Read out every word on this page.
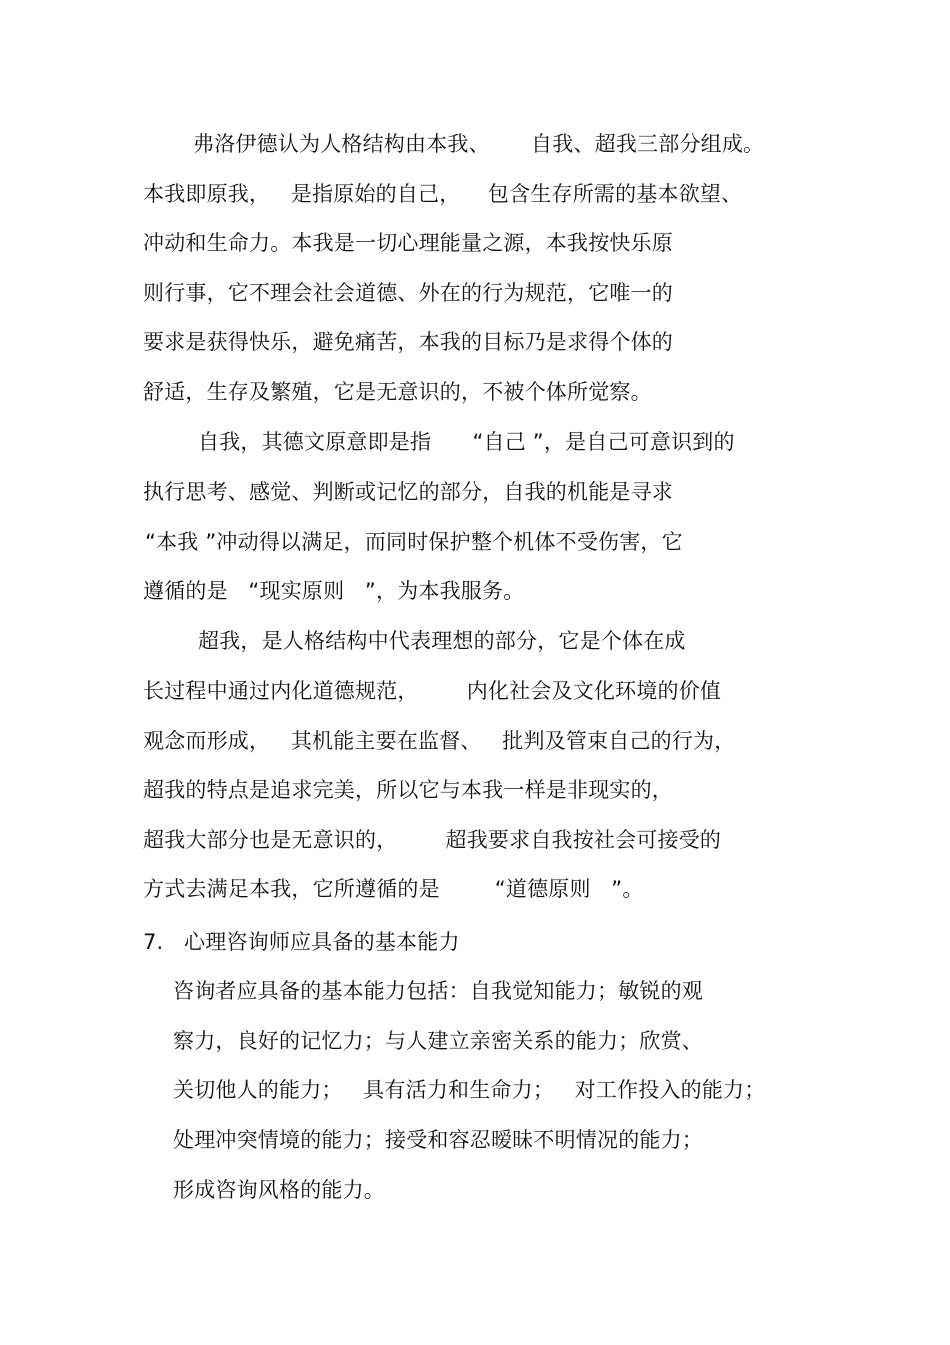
弗洛伊德认为人格结构由本我、      自我、超我三部分组成。
本我即原我，   是指原始的自己，    包含生存所需的基本欲望、
冲动和生命力。本我是一切心理能量之源，本我按快乐原
则行事，它不理会社会道德、外在的行为规范，它唯一的
要求是获得快乐，避免痛苦，本我的目标乃是求得个体的
舒适，生存及繁殖，它是无意识的，不被个体所觉察。
自我，其德文原意即是指      “自己 ”，是自己可意识到的
执行思考、感觉、判断或记忆的部分，自我的机能是寻求
“本我 ”冲动得以满足，而同时保护整个机体不受伤害，它
遵循的是   “现实原则   ”，为本我服务。
超我，是人格结构中代表理想的部分，它是个体在成
长过程中通过内化道德规范，       内化社会及文化环境的价值
观念而形成，   其机能主要在监督、   批判及管束自己的行为，
超我的特点是追求完美，所以它与本我一样是非现实的，
超我大部分也是无意识的，       超我要求自我按社会可接受的
方式去满足本我，它所遵循的是        “道德原则   ”。
7.   心理咨询师应具备的基本能力
咨询者应具备的基本能力包括：自我觉知能力；敏锐的观
察力，良好的记忆力；与人建立亲密关系的能力；欣赏、
关切他人的能力；   具有活力和生命力；   对工作投入的能力；
处理冲突情境的能力；接受和容忍暧昧不明情况的能力；
形成咨询风格的能力。
